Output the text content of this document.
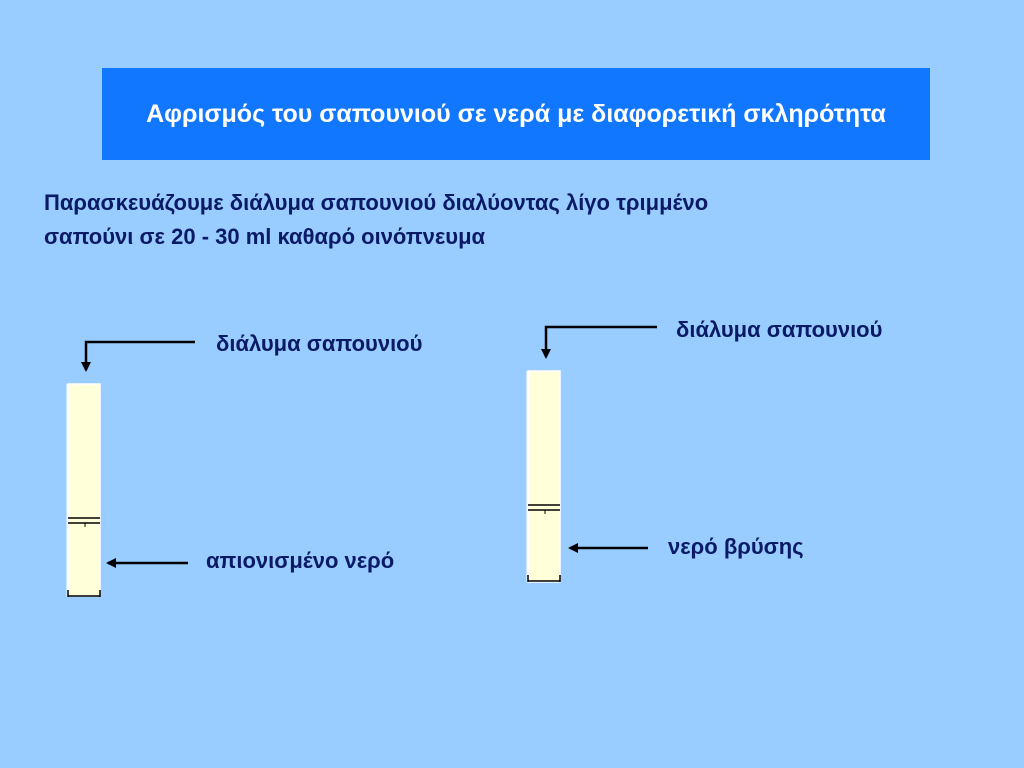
Αφρισμός του σαπουνιού σε νερά με διαφορετική σκληρότητα
Παρασκευάζουμε διάλυμα σαπουνιού διαλύοντας λίγο τριμμένο
σαπούνι σε 20 - 30 ml καθαρό οινόπνευμα
διάλυμα σαπουνιού
απιονισμένο νερό
διάλυμα σαπουνιού
νερό βρύσης
